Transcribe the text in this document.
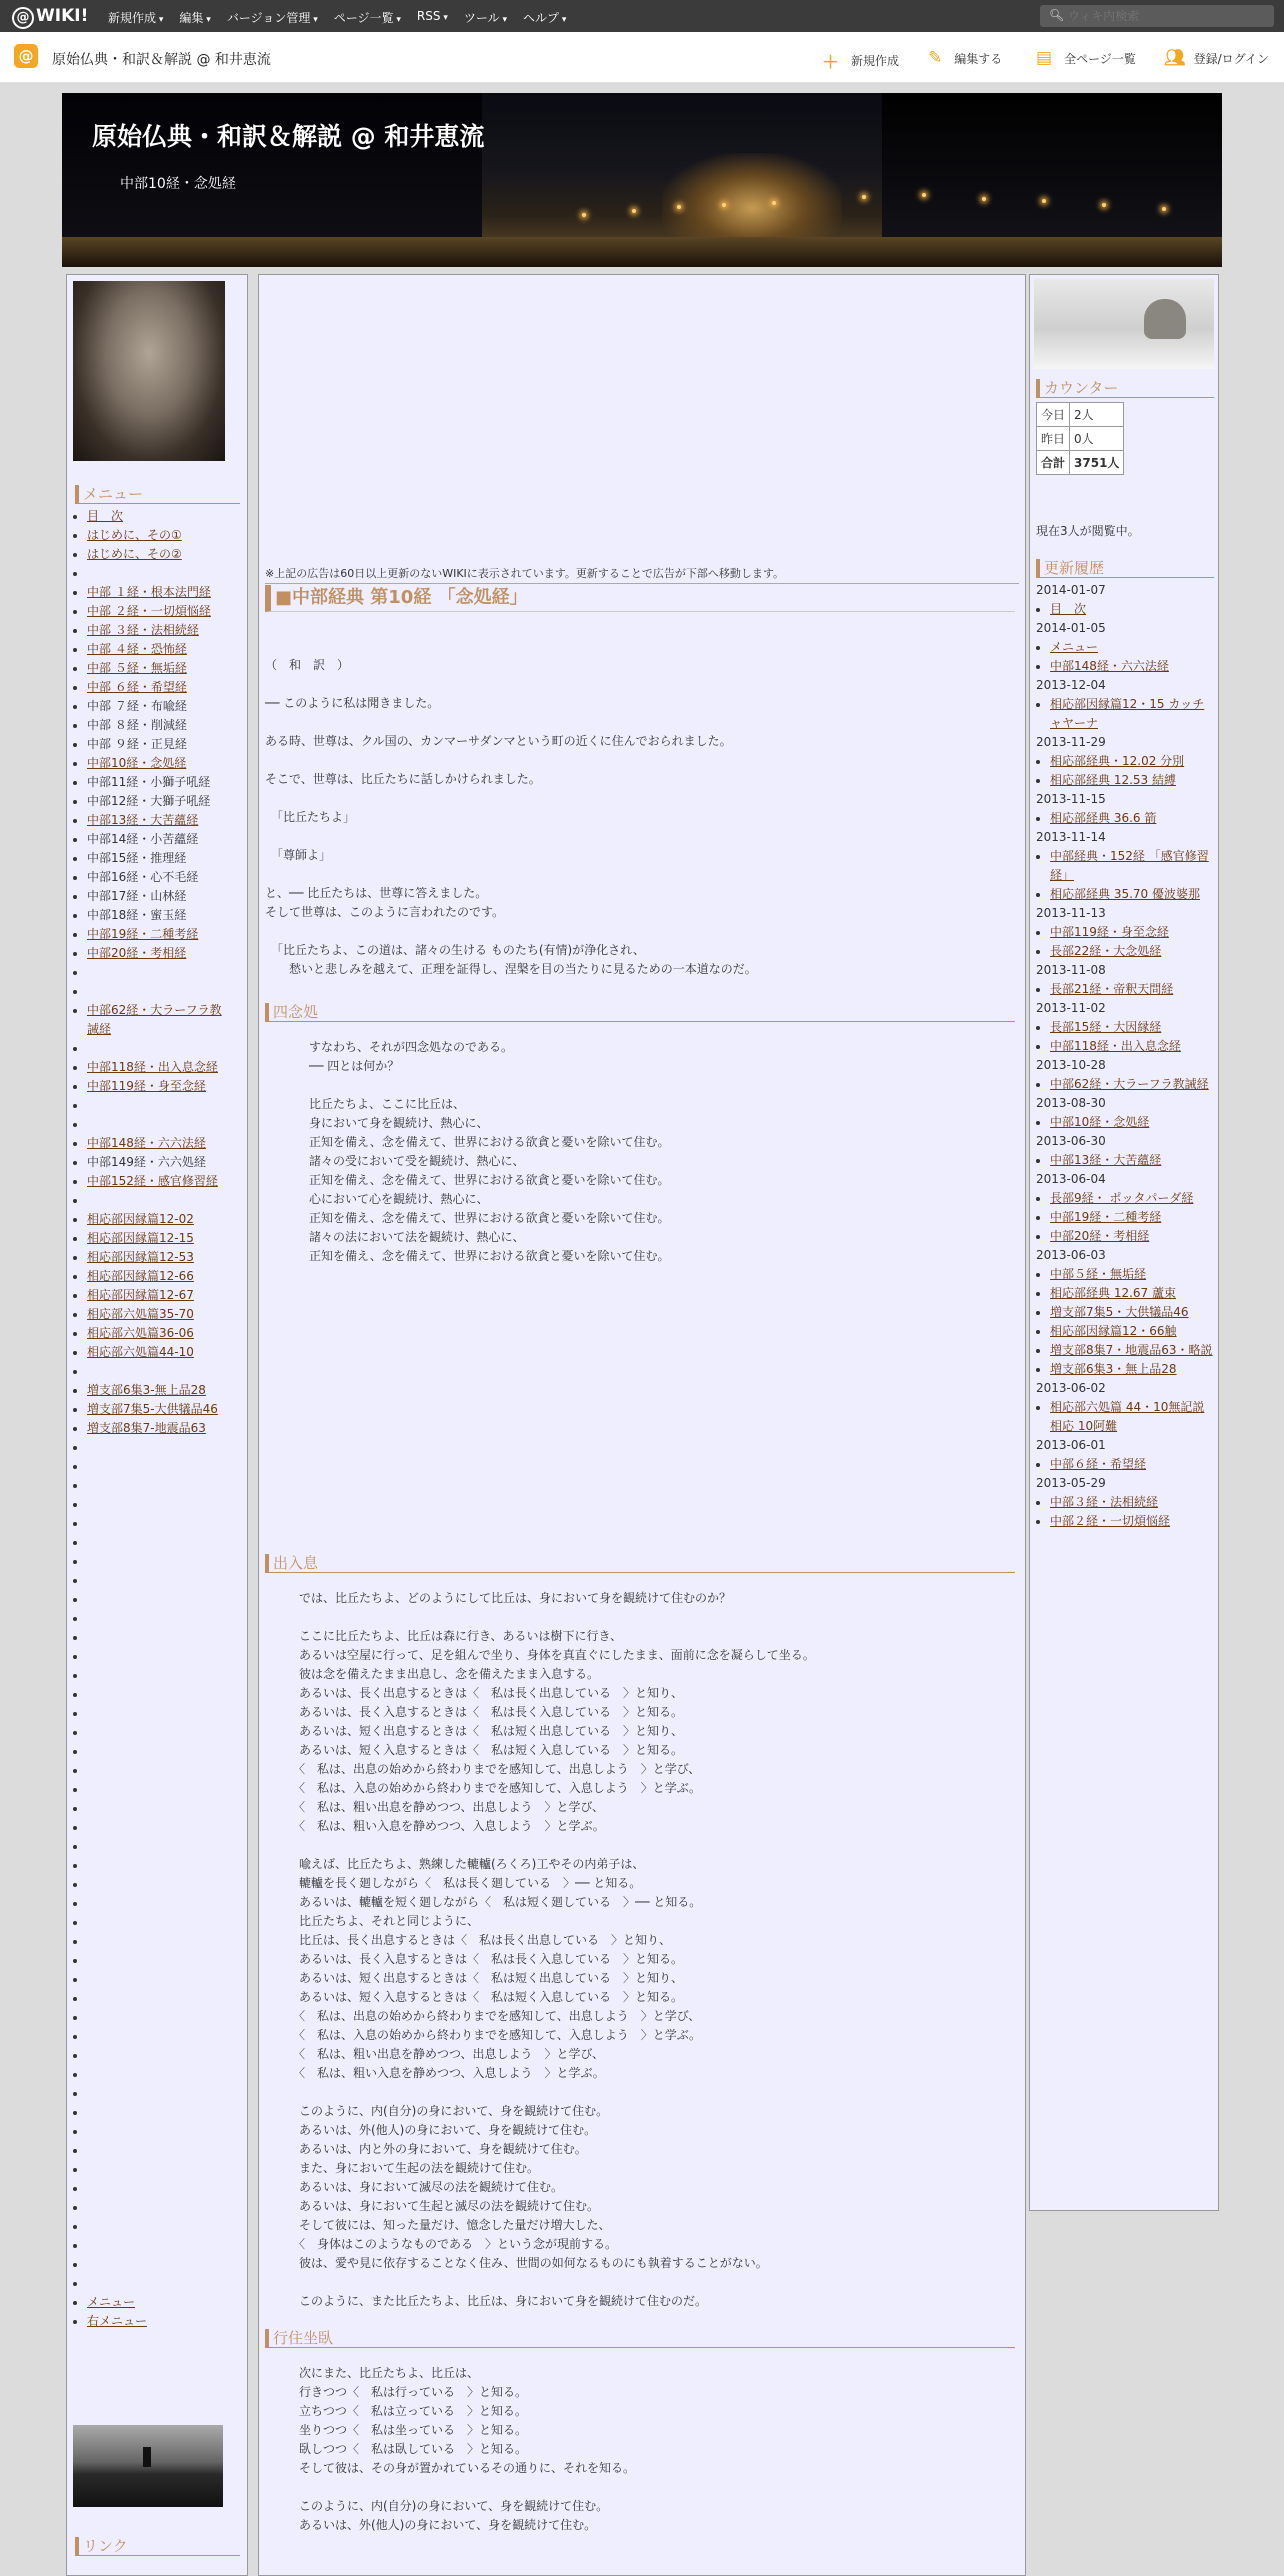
@ WIKI! 新規作成 ▾	編集 ▾	バージョン管理 ▾	ページ一覧 ▾	RSS ▾	ツール ▾	ヘルプ ▾	🔍︎
ウィキ内検索
@	原始仏典・和訳＆解説 @ 和井恵流	＋ 新規作成 ✎ 編集する ▤ 全ページ一覧 👥︎ 登録/ログイン
原始仏典・和訳＆解説 @ 和井恵流
中部10経・念処経
メニュー
• 目　次
• はじめに、その①
• はじめに、その②
•
• 中部 １経・根本法門経
• 中部 ２経・一切煩悩経
• 中部 ３経・法相続経
• 中部 ４経・恐怖経
• 中部 ５経・無垢経
• 中部 ６経・希望経
• 中部 ７経・布喩経
• 中部 ８経・削減経
• 中部 ９経・正見経
• 中部10経・念処経
• 中部11経・小獅子吼経
• 中部12経・大獅子吼経
• 中部13経・大苦蘊経
• 中部14経・小苦蘊経
• 中部15経・推理経
• 中部16経・心不毛経
• 中部17経・山林経
• 中部18経・蜜玉経
• 中部19経・二種考経
• 中部20経・考相経
•
•
• 中部62経・大ラーフラ教
誡経
•
• 中部118経・出入息念経
• 中部119経・身至念経
•
•
• 中部148経・六六法経
• 中部149経・六六処経
• 中部152経・感官修習経
•
• 相応部因縁篇12-02
• 相応部因縁篇12-15
• 相応部因縁篇12-53
• 相応部因縁篇12-66
• 相応部因縁篇12-67
• 相応部六処篇35-70
• 相応部六処篇36-06
• 相応部六処篇44-10
•
• 増支部6集3-無上品28
• 増支部7集5-大供犠品46
• 増支部8集7-地震品63
•
•
•
•
•
•
•
•
•
•
•
•
•
•
•
•
•
•
•
•
•
•
•
•
•
•
•
•
•
•
•
•
•
•
•
•
•
•
•
•
•
•
•
•
•
• メニュー
• 右メニュー
リンク
※上記の広告は60日以上更新のないWIKIに表示されています。更新することで広告が下部へ移動します。
■中部経典 第10経 「念処経」
（　和　訳　）

── このように私は聞きました。

ある時、世尊は、クル国の、カンマーサダンマという町の近くに住んでおられました。

そこで、世尊は、比丘たちに話しかけられました。

　「比丘たちよ」

　「尊師よ」

と、── 比丘たちは、世尊に答えました。
そして世尊は、このように言われたのです。

　「比丘たちよ、この道は、諸々の生ける ものたち(有情)が浄化され、
　　愁いと悲しみを越えて、正理を証得し、涅槃を目の当たりに見るための一本道なのだ。
四念処
　　すなわち、それが四念処なのである。
　　── 四とは何か？

　　比丘たちよ、ここに比丘は、
　　身において身を観続け、熱心に、
　　正知を備え、念を備えて、世界における欲貪と憂いを除いて住む。
　　諸々の受において受を観続け、熱心に、
　　正知を備え、念を備えて、世界における欲貪と憂いを除いて住む。
　　心において心を観続け、熱心に、
　　正知を備え、念を備えて、世界における欲貪と憂いを除いて住む。
　　諸々の法において法を観続け、熱心に、
　　正知を備え、念を備えて、世界における欲貪と憂いを除いて住む。
出入息
　　では、比丘たちよ、どのようにして比丘は、身において身を観続けて住むのか？

　　ここに比丘たちよ、比丘は森に行き、あるいは樹下に行き、
　　あるいは空屋に行って、足を組んで坐り、身体を真直ぐにしたまま、面前に念を凝らして坐る。
　　彼は念を備えたまま出息し、念を備えたまま入息する。
　　あるいは、長く出息するときは〈　私は長く出息している　〉と知り、
　　あるいは、長く入息するときは〈　私は長く入息している　〉と知る。
　　あるいは、短く出息するときは〈　私は短く出息している　〉と知り、
　　あるいは、短く入息するときは〈　私は短く入息している　〉と知る。
　　〈　私は、出息の始めから終わりまでを感知して、出息しよう　〉と学び、
　　〈　私は、入息の始めから終わりまでを感知して、入息しよう　〉と学ぶ。
　　〈　私は、粗い出息を静めつつ、出息しよう　〉と学び、
　　〈　私は、粗い入息を静めつつ、入息しよう　〉と学ぶ。

　　喩えば、比丘たちよ、熟練した轆轤(ろくろ)工やその内弟子は、
　　轆轤を長く廻しながら〈　私は長く廻している　〉── と知る。
　　あるいは、轆轤を短く廻しながら〈　私は短く廻している　〉── と知る。
　　比丘たちよ、それと同じように、
　　比丘は、長く出息するときは〈　私は長く出息している　〉と知り、
　　あるいは、長く入息するときは〈　私は長く入息している　〉と知る。
　　あるいは、短く出息するときは〈　私は短く出息している　〉と知り、
　　あるいは、短く入息するときは〈　私は短く入息している　〉と知る。
　　〈　私は、出息の始めから終わりまでを感知して、出息しよう　〉と学び、
　　〈　私は、入息の始めから終わりまでを感知して、入息しよう　〉と学ぶ。
　　〈　私は、粗い出息を静めつつ、出息しよう　〉と学び、
　　〈　私は、粗い入息を静めつつ、入息しよう　〉と学ぶ。

　　このように、内(自分)の身において、身を観続けて住む。
　　あるいは、外(他人)の身において、身を観続けて住む。
　　あるいは、内と外の身において、身を観続けて住む。
　　また、身において生起の法を観続けて住む。
　　あるいは、身において滅尽の法を観続けて住む。
　　あるいは、身において生起と滅尽の法を観続けて住む。
　　そして彼には、知った量だけ、憶念した量だけ増大した、
　　〈　身体はこのようなものである　〉という念が現前する。
　　彼は、愛や見に依存することなく住み、世間の如何なるものにも執着することがない。

　　このように、また比丘たちよ、比丘は、身において身を観続けて住むのだ。
行住坐臥
　　次にまた、比丘たちよ、比丘は、
　　行きつつ〈　私は行っている　〉と知る。
　　立ちつつ〈　私は立っている　〉と知る。
　　坐りつつ〈　私は坐っている　〉と知る。
　　臥しつつ〈　私は臥している　〉と知る。
　　そして彼は、その身が置かれているその通りに、それを知る。

　　このように、内(自分)の身において、身を観続けて住む。
　　あるいは、外(他人)の身において、身を観続けて住む。
カウンター
今日	2人
昨日	0人
合計	3751人
現在3人が閲覧中。
更新履歴
2014-01-07
• 目　次
2014-01-05
• メニュー
• 中部148経・六六法経
2013-12-04
• 相応部因縁篇12・15 カッチャヤーナ
2013-11-29
• 相応部経典・12.02 分別
• 相応部経典 12.53 結縛
2013-11-15
• 相応部経典 36.6 箭
2013-11-14
• 中部経典・152経 「感官修習経」
• 相応部経典 35.70 優波婆那
2013-11-13
• 中部119経・身至念経
• 長部22経・大念処経
2013-11-08
• 長部21経・帝釈天問経
2013-11-02
• 長部15経・大因縁経
• 中部118経・出入息念経
2013-10-28
• 中部62経・大ラーフラ教誡経
2013-08-30
• 中部10経・念処経
2013-06-30
• 中部13経・大苦蘊経
2013-06-04
• 長部9経・ ポッタパーダ経
• 中部19経・二種考経
• 中部20経・考相経
2013-06-03
• 中部５経・無垢経
• 相応部経典 12.67 蘆束
• 増支部7集5・大供犠品46
• 相応部因縁篇12・66触
• 増支部8集7・地震品63・略説
• 増支部6集3・無上品28
2013-06-02
• 相応部六処篇 44・10無記説相応 10阿難
2013-06-01
• 中部６経・希望経
2013-05-29
• 中部３経・法相続経
• 中部２経・一切煩悩経
